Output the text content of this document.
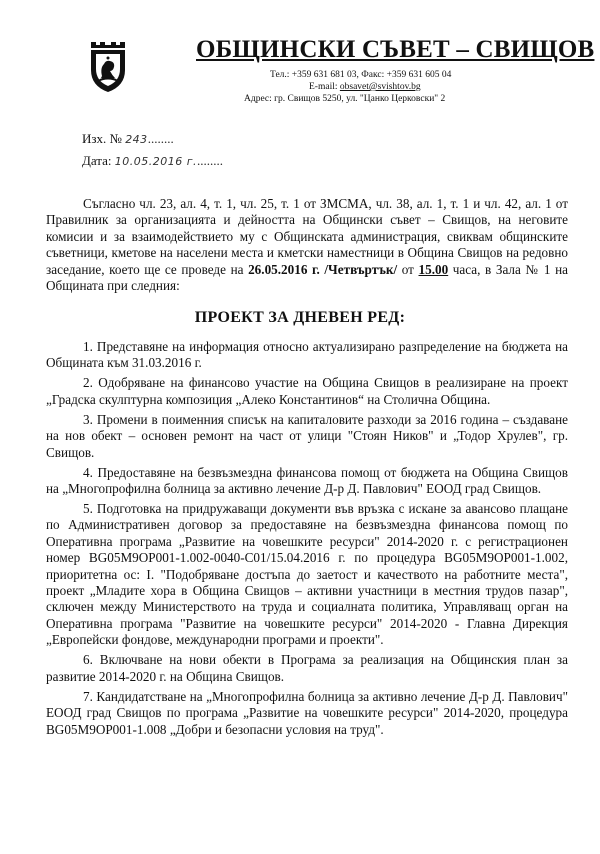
ОБЩИНСКИ СЪВЕТ – СВИЩОВ
Тел.: +359 631 681 03, Факс: +359 631 605 04
E-mail: obsavet@svishtov.bg
Адрес: гр. Свищов 5250, ул. "Цанко Церковски" 2
Изх. № 243........
Дата: 10.05.2016 г.........
Съгласно чл. 23, ал. 4, т. 1, чл. 25, т. 1 от ЗМСМА, чл. 38, ал. 1, т. 1 и чл. 42, ал. 1 от Правилник за организацията и дейността на Общински съвет – Свищов, на неговите комисии и за взаимодействието му с Общинската администрация, свиквам общинските съветници, кметове на населени места и кметски наместници в Община Свищов на редовно заседание, което ще се проведе на 26.05.2016 г. /Четвъртък/ от 15.00 часа, в Зала № 1 на Общината при следния:
ПРОЕКТ ЗА ДНЕВЕН РЕД:
1. Представяне на информация относно актуализирано разпределение на бюджета на Общината към 31.03.2016 г.
2. Одобряване на финансово участие на Община Свищов в реализиране на проект „Градска скулптурна композиция „Алеко Константинов“ на Столична Община.
3. Промени в поименния списък на капиталовите разходи за 2016 година – създаване на нов обект – основен ремонт на част от улици "Стоян Ников" и „Тодор Хрулев", гр. Свищов.
4. Предоставяне на безвъзмездна финансова помощ от бюджета на Община Свищов на „Многопрофилна болница за активно лечение Д-р Д. Павлович" ЕООД град Свищов.
5. Подготовка на придружаващи документи във връзка с искане за авансово плащане по Административен договор за предоставяне на безвъзмездна финансова помощ по Оперативна програма „Развитие на човешките ресурси" 2014-2020 г. с регистрационен номер BG05M9OP001-1.002-0040-C01/15.04.2016 г. по процедура BG05M9OP001-1.002, приоритетна ос: I. "Подобряване достъпа до заетост и качеството на работните места", проект „Младите хора в Община Свищов – активни участници в местния трудов пазар", сключен между Министерството на труда и социалната политика, Управляващ орган на Оперативна програма "Развитие на човешките ресурси" 2014-2020 - Главна Дирекция „Европейски фондове, международни програми и проекти".
6. Включване на нови обекти в Програма за реализация на Общинския план за развитие 2014-2020 г. на Община Свищов.
7. Кандидатстване на „Многопрофилна болница за активно лечение Д-р Д. Павлович" ЕООД град Свищов по програма „Развитие на човешките ресурси" 2014-2020, процедура BG05M9OP001-1.008 „Добри и безопасни условия на труд".
